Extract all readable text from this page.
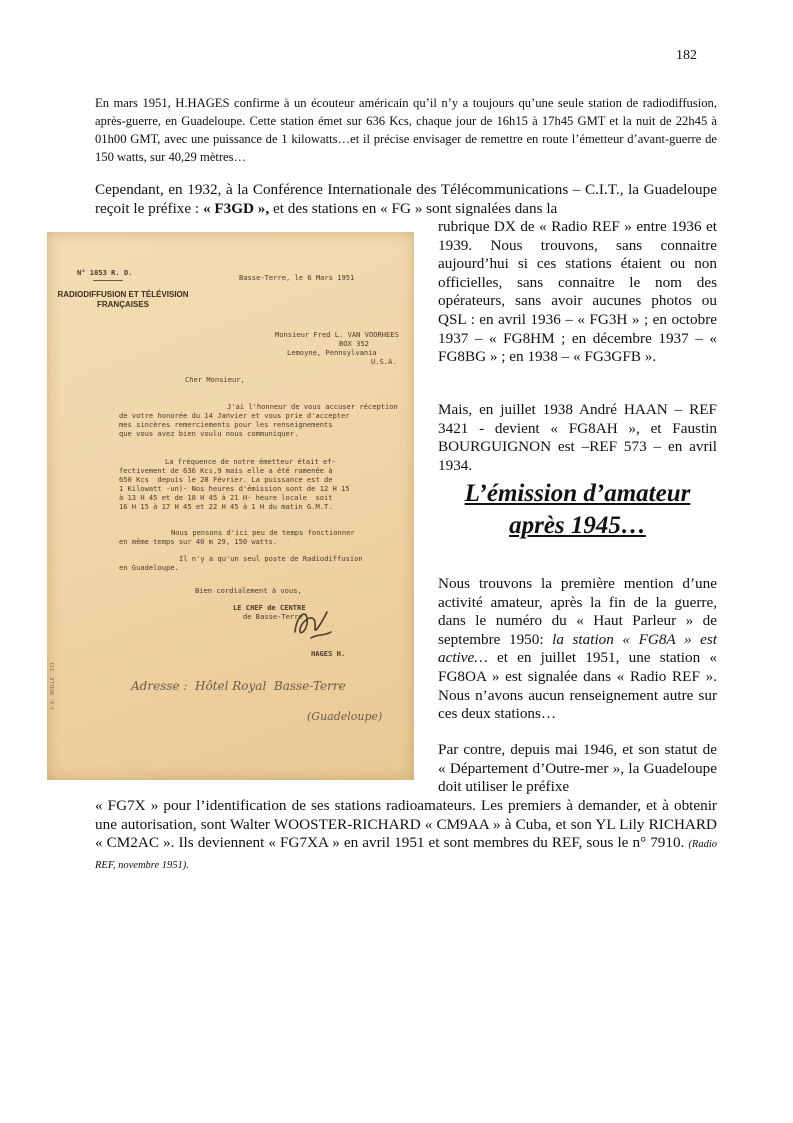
182
En mars 1951, H.HAGES confirme à un écouteur américain qu’il n’y a toujours qu’une seule station de radiodiffusion, après-guerre, en Guadeloupe. Cette station émet sur 636 Kcs, chaque jour de 16h15 à 17h45 GMT et la nuit de 22h45 à 01h00 GMT, avec une puissance de 1 kilowatts…et il précise envisager de remettre en route l’émetteur d’avant-guerre de 150 watts, sur 40,29 mètres…
Cependant, en 1932, à la Conférence Internationale des Télécommunications – C.I.T., la Guadeloupe reçoit le préfixe : « F3GD », et des stations en « FG » sont signalées dans la
rubrique DX de « Radio REF » entre 1936 et 1939. Nous trouvons, sans connaitre aujourd’hui si ces stations étaient ou non officielles, sans connaitre le nom des opérateurs, sans avoir aucunes photos ou QSL : en avril 1936 – « FG3H » ; en octobre 1937 – « FG8HM ; en décembre 1937 – « FG8BG » ; en 1938 – « FG3GFB ».
Mais, en juillet 1938 André HAAN – REF 3421 - devient « FG8AH », et Faustin BOURGUIGNON est –REF 573 – en avril 1934.
L’émission d’amateur
après 1945…
Nous trouvons la première mention d’une activité amateur, après la fin de la guerre, dans le numéro du « Haut Parleur » de septembre 1950: la station « FG8A » est active… et en juillet 1951, une station « FG8OA » est signalée dans « Radio REF ». Nous n’avons aucun renseignement autre sur ces deux stations…
Par contre, depuis mai 1946, et son statut de « Département d’Outre-mer », la Guadeloupe doit utiliser le préfixe
« FG7X » pour l’identification de ses stations radioamateurs. Les premiers à demander, et à obtenir une autorisation, sont Walter WOOSTER-RICHARD « CM9AA » à Cuba, et son YL Lily RICHARD « CM2AC ». Ils deviennent « FG7XA » en avril 1951 et sont membres du REF, sous le n° 7910. (Radio REF, novembre 1951).
N° 1053 R. D.
RADIODIFFUSION ET TÉLÉVISION
FRANÇAISES
Basse-Terre, le 6 Mars 1951
Monsieur Fred L. VAN VOORHEES
BOX 352
Lemoyne, Pennsylvania
U.S.A.
Cher Monsieur,
J'ai l'honneur de vous accuser réception
de votre honorée du 14 Janvier et vous prie d'accepter
mes sincères remerciements pour les renseignements
que vous avez bien voulu nous communiquer.
La fréquence de notre émetteur était ef-
fectivement de 636 Kcs,9 mais elle a été ramenée à
650 Kcs  depuis le 28 Février. La puissance est de
1 Kilowatt -un)- Nos heures d'émission sont de 12 H 15
à 13 H 45 et de 18 H 45 à 21 H- heure locale  soit
16 H 15 à 17 H 45 et 22 H 45 à 1 H du matin G.M.T.
Nous pensons d'ici peu de temps fonctionner
en même temps sur 40 m 29, 150 watts.
Il n'y a qu'un seul poste de Radiodiffusion
en Guadeloupe.
Bien cordialement à vous,
LE CHEF de CENTRE
de Basse-Terre
HAGES H.
Adresse : Hôtel Royal  Basse-Terre
(Guadeloupe)
J.A. NOILLE. 171
